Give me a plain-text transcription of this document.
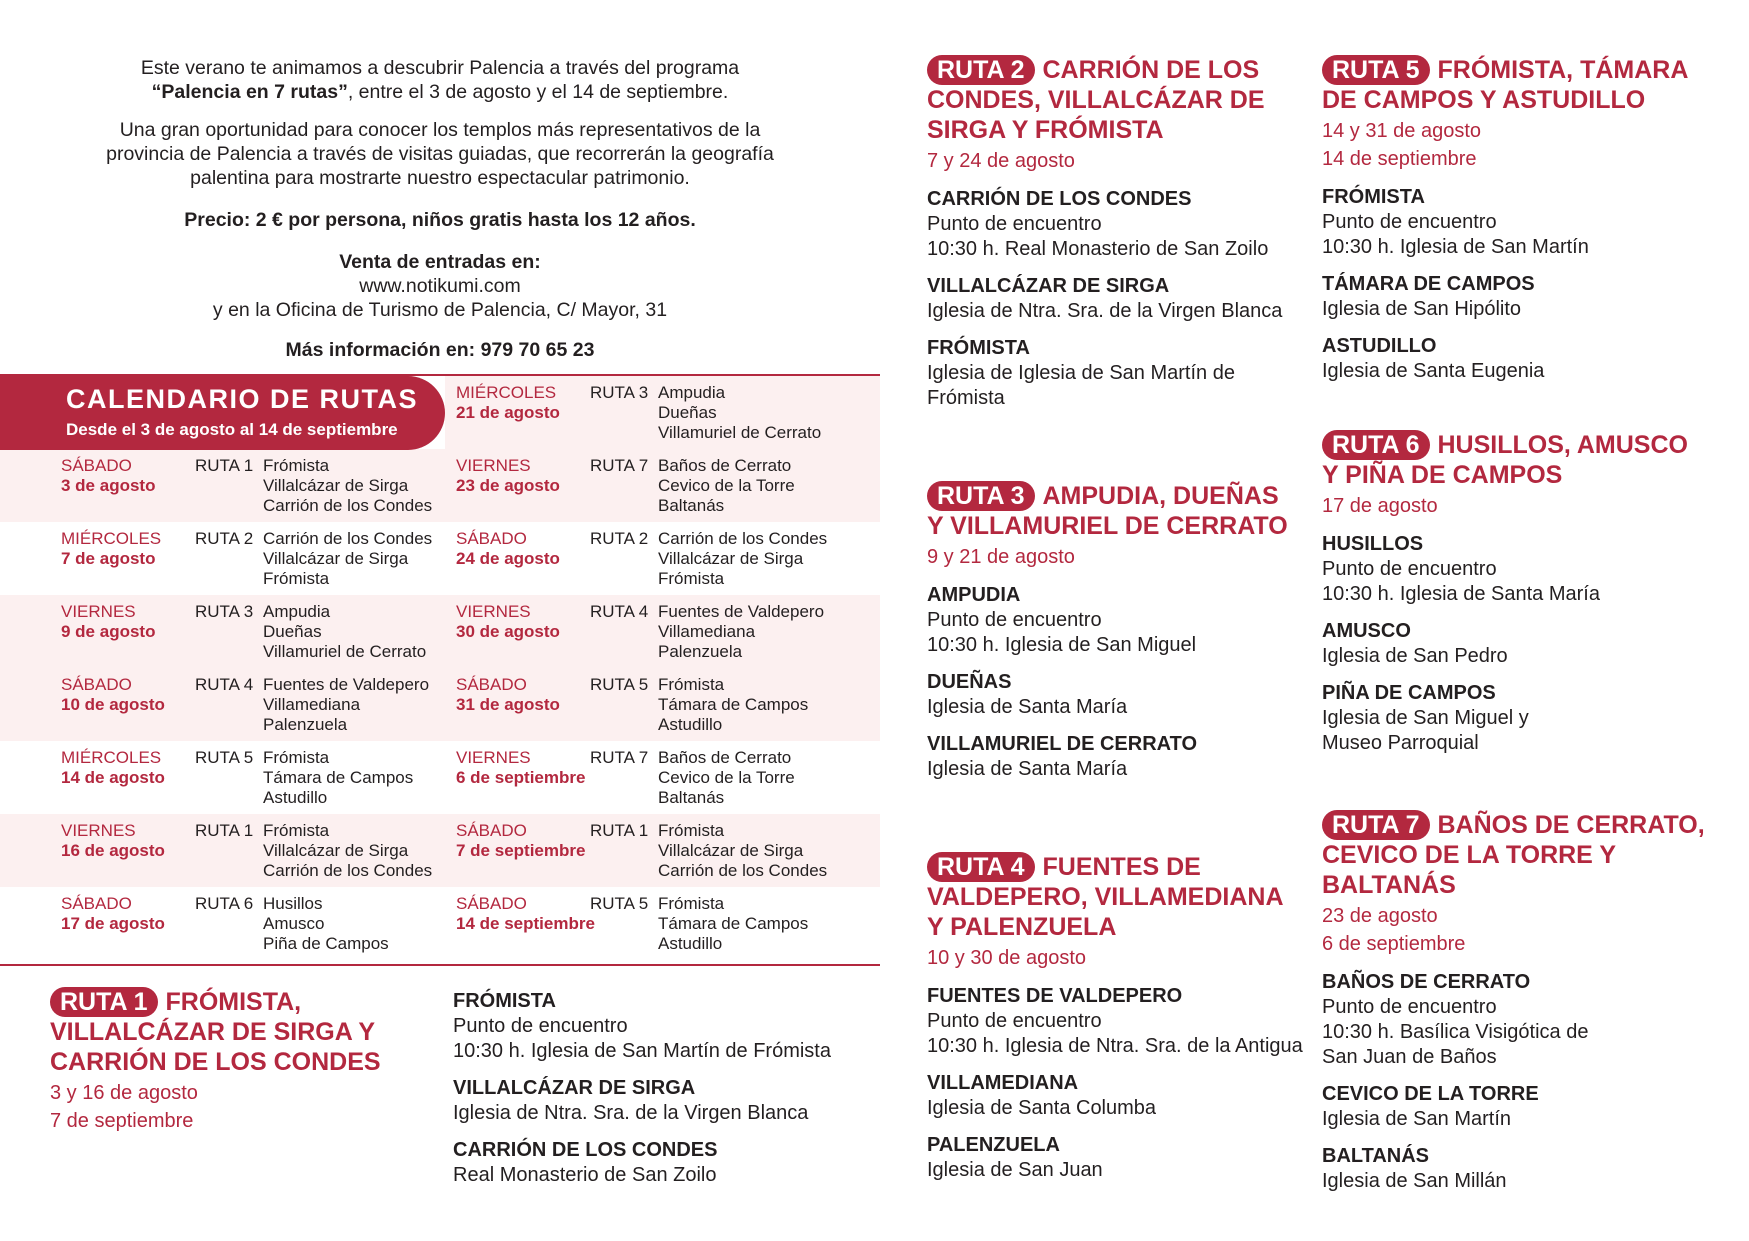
Este verano te animamos a descubrir Palencia a través del programa
“Palencia en 7 rutas”, entre el 3 de agosto y el 14 de septiembre.

Una gran oportunidad para conocer los templos más representativos de la
provincia de Palencia a través de visitas guiadas, que recorrerán la geografía
palentina para mostrarte nuestro espectacular patrimonio.

Precio: 2 € por persona, niños gratis hasta los 12 años.

Venta de entradas en:
www.notikumi.com
y en la Oficina de Turismo de Palencia, C/ Mayor, 31

Más información en: 979 70 65 23

CALENDARIO DE RUTAS
Desde el 3 de agosto al 14 de septiembre
SÁBADO
3 de agosto
RUTA 1 Frómista
Villalcázar de Sirga
Carrión de los Condes
MIÉRCOLES
7 de agosto
RUTA 2 Carrión de los Condes
Villalcázar de Sirga
Frómista
VIERNES
9 de agosto
RUTA 3 Ampudia
Dueñas
Villamuriel de Cerrato
SÁBADO
10 de agosto
RUTA 4 Fuentes de Valdepero
Villamediana
Palenzuela
MIÉRCOLES
14 de agosto
RUTA 5 Frómista
Támara de Campos
Astudillo
VIERNES
16 de agosto
RUTA 1 Frómista
Villalcázar de Sirga
Carrión de los Condes
SÁBADO
17 de agosto
RUTA 6 Husillos
Amusco
Piña de Campos
MIÉRCOLES
21 de agosto
RUTA 3 Ampudia
Dueñas
Villamuriel de Cerrato
VIERNES
23 de agosto
RUTA 7 Baños de Cerrato
Cevico de la Torre
Baltanás
SÁBADO
24 de agosto
RUTA 2 Carrión de los Condes
Villalcázar de Sirga
Frómista
VIERNES
30 de agosto
RUTA 4 Fuentes de Valdepero
Villamediana
Palenzuela
SÁBADO
31 de agosto
RUTA 5 Frómista
Támara de Campos
Astudillo
VIERNES
6 de septiembre
RUTA 7 Baños de Cerrato
Cevico de la Torre
Baltanás
SÁBADO
7 de septiembre
RUTA 1 Frómista
Villalcázar de Sirga
Carrión de los Condes
SÁBADO
14 de septiembre
RUTA 5 Frómista
Támara de Campos
Astudillo
RUTA 1 FRÓMISTA,
VILLALCÁZAR DE SIRGA Y
CARRIÓN DE LOS CONDES
3 y 16 de agosto
7 de septiembre
FRÓMISTA
Punto de encuentro
10:30 h. Iglesia de San Martín de Frómista
VILLALCÁZAR DE SIRGA
Iglesia de Ntra. Sra. de la Virgen Blanca
CARRIÓN DE LOS CONDES
Real Monasterio de San Zoilo
RUTA 2 CARRIÓN DE LOS
CONDES, VILLALCÁZAR DE
SIRGA Y FRÓMISTA
7 y 24 de agosto
CARRIÓN DE LOS CONDES
Punto de encuentro
10:30 h. Real Monasterio de San Zoilo
VILLALCÁZAR DE SIRGA
Iglesia de Ntra. Sra. de la Virgen Blanca
FRÓMISTA
Iglesia de Iglesia de San Martín de
Frómista
RUTA 3 AMPUDIA, DUEÑAS
Y VILLAMURIEL DE CERRATO
9 y 21 de agosto
AMPUDIA
Punto de encuentro
10:30 h. Iglesia de San Miguel
DUEÑAS
Iglesia de Santa María
VILLAMURIEL DE CERRATO
Iglesia de Santa María
RUTA 4 FUENTES DE
VALDEPERO, VILLAMEDIANA
Y PALENZUELA
10 y 30 de agosto
FUENTES DE VALDEPERO
Punto de encuentro
10:30 h. Iglesia de Ntra. Sra. de la Antigua
VILLAMEDIANA
Iglesia de Santa Columba
PALENZUELA
Iglesia de San Juan
RUTA 5 FRÓMISTA, TÁMARA
DE CAMPOS Y ASTUDILLO
14 y 31 de agosto
14 de septiembre
FRÓMISTA
Punto de encuentro
10:30 h. Iglesia de San Martín
TÁMARA DE CAMPOS
Iglesia de San Hipólito
ASTUDILLO
Iglesia de Santa Eugenia
RUTA 6 HUSILLOS, AMUSCO
Y PIÑA DE CAMPOS
17 de agosto
HUSILLOS
Punto de encuentro
10:30 h. Iglesia de Santa María
AMUSCO
Iglesia de San Pedro
PIÑA DE CAMPOS
Iglesia de San Miguel y
Museo Parroquial
RUTA 7 BAÑOS DE CERRATO,
CEVICO DE LA TORRE Y
BALTANÁS
23 de agosto
6 de septiembre
BAÑOS DE CERRATO
Punto de encuentro
10:30 h. Basílica Visigótica de
San Juan de Baños
CEVICO DE LA TORRE
Iglesia de San Martín
BALTANÁS
Iglesia de San Millán
